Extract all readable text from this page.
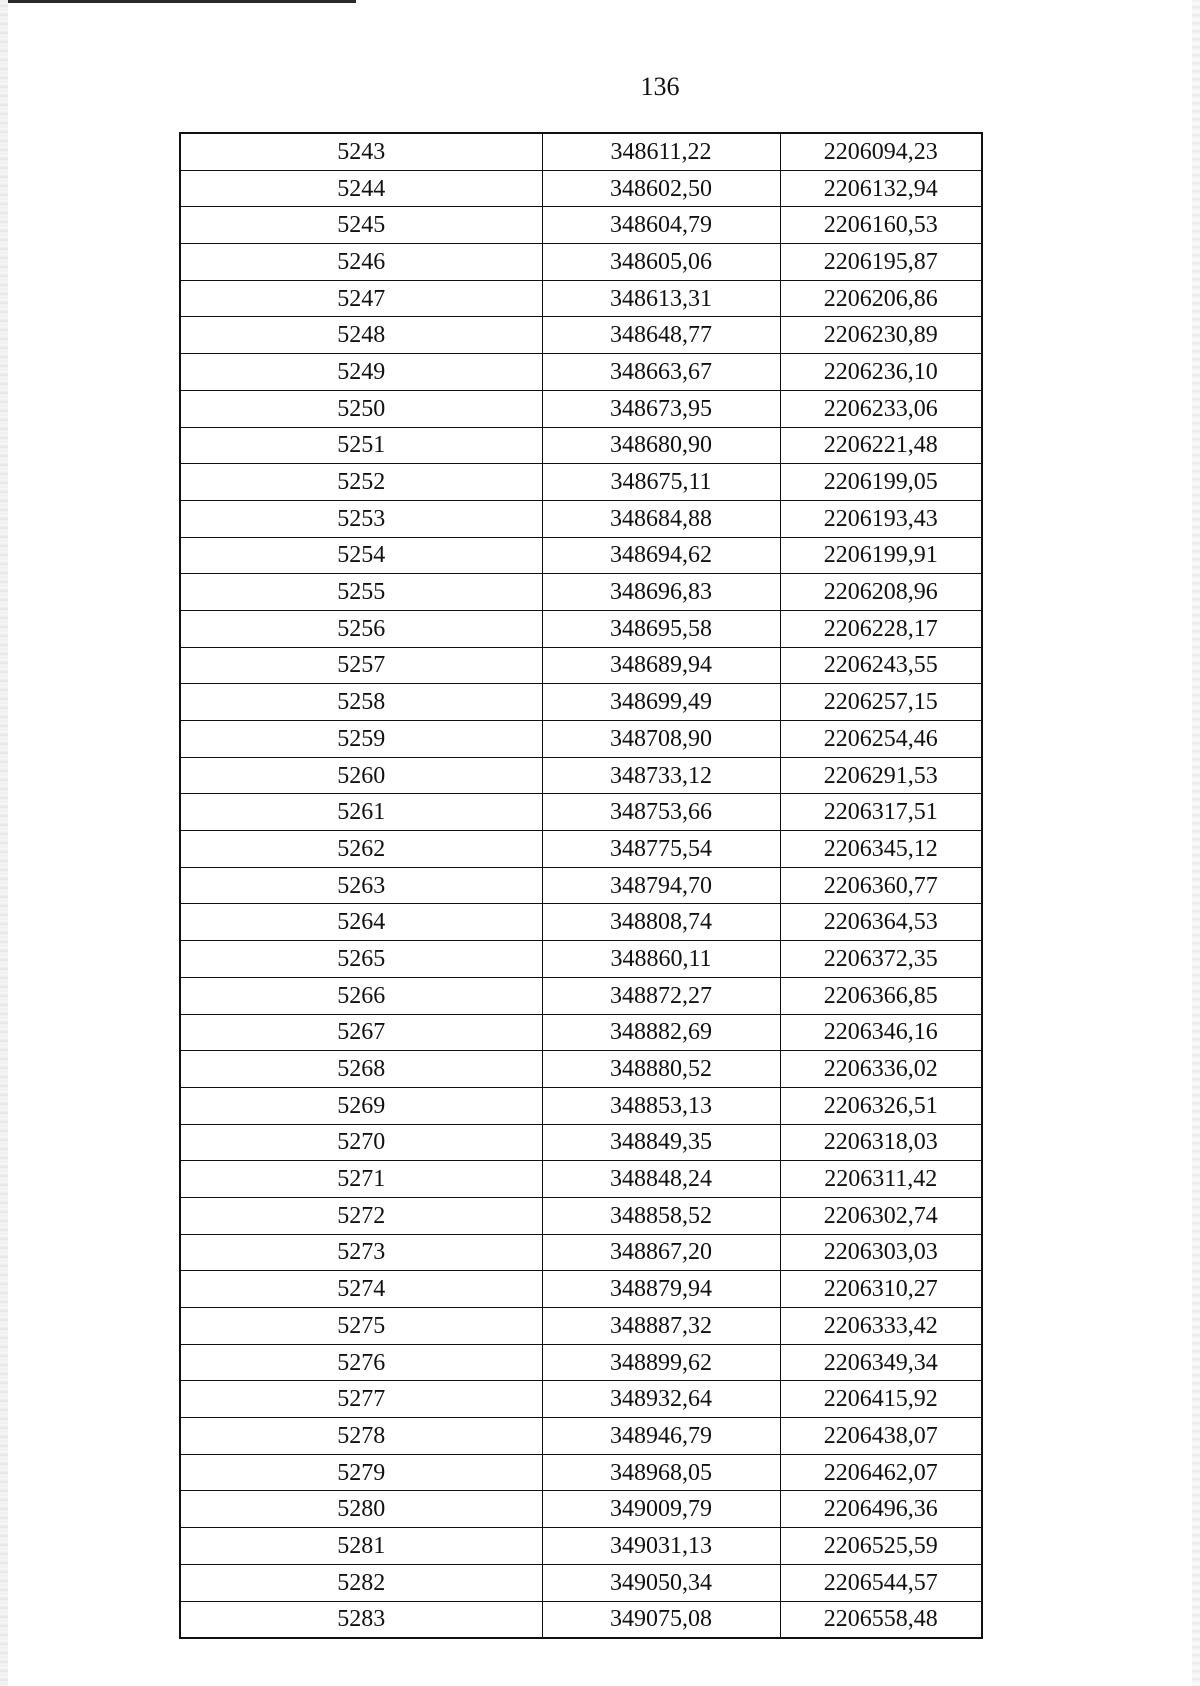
136
5243	348611,22	2206094,23
5244	348602,50	2206132,94
5245	348604,79	2206160,53
5246	348605,06	2206195,87
5247	348613,31	2206206,86
5248	348648,77	2206230,89
5249	348663,67	2206236,10
5250	348673,95	2206233,06
5251	348680,90	2206221,48
5252	348675,11	2206199,05
5253	348684,88	2206193,43
5254	348694,62	2206199,91
5255	348696,83	2206208,96
5256	348695,58	2206228,17
5257	348689,94	2206243,55
5258	348699,49	2206257,15
5259	348708,90	2206254,46
5260	348733,12	2206291,53
5261	348753,66	2206317,51
5262	348775,54	2206345,12
5263	348794,70	2206360,77
5264	348808,74	2206364,53
5265	348860,11	2206372,35
5266	348872,27	2206366,85
5267	348882,69	2206346,16
5268	348880,52	2206336,02
5269	348853,13	2206326,51
5270	348849,35	2206318,03
5271	348848,24	2206311,42
5272	348858,52	2206302,74
5273	348867,20	2206303,03
5274	348879,94	2206310,27
5275	348887,32	2206333,42
5276	348899,62	2206349,34
5277	348932,64	2206415,92
5278	348946,79	2206438,07
5279	348968,05	2206462,07
5280	349009,79	2206496,36
5281	349031,13	2206525,59
5282	349050,34	2206544,57
5283	349075,08	2206558,48
